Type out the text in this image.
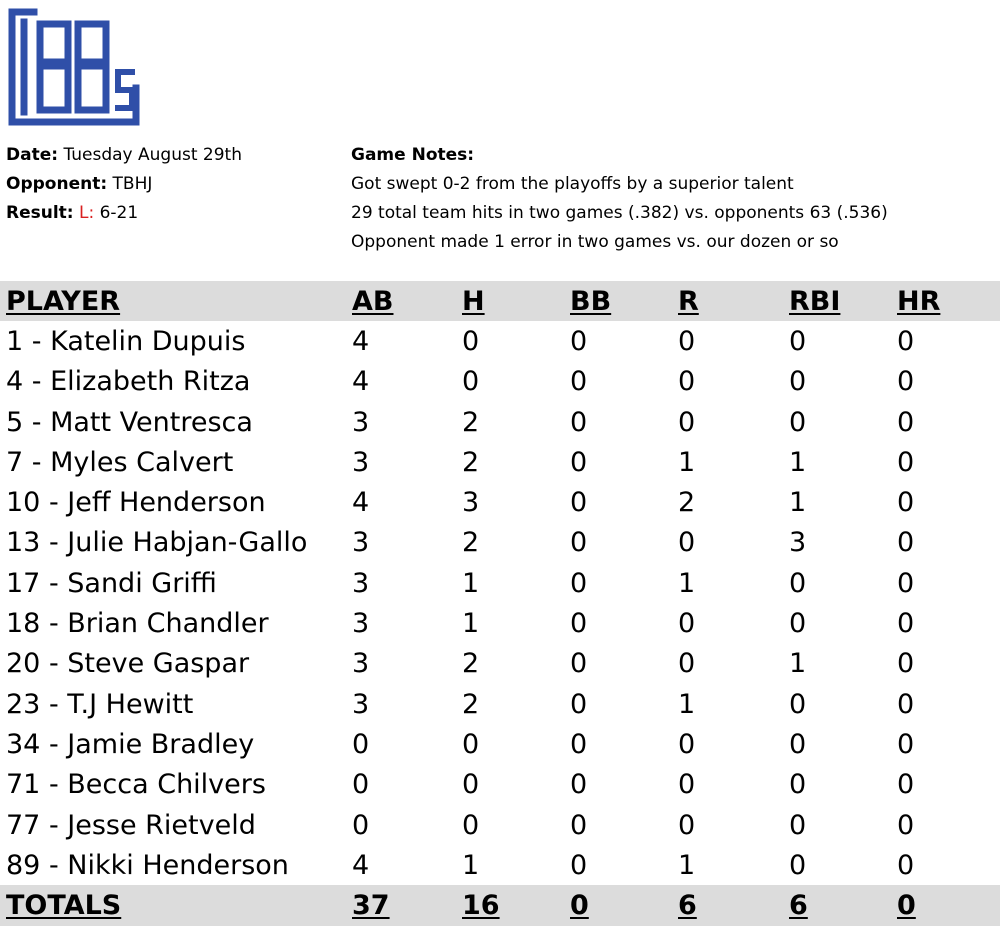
Date: Tuesday August 29th
Opponent: TBHJ
Result: L: 6-21
Game Notes:
Got swept 0-2 from the playoffs by a superior talent
29 total team hits in two games (.382) vs. opponents 63 (.536)
Opponent made 1 error in two games vs. our dozen or so
PLAYER	AB	H	BB	R	RBI	HR
1 - Katelin Dupuis	4	0	0	0	0	0
4 - Elizabeth Ritza	4	0	0	0	0	0
5 - Matt Ventresca	3	2	0	0	0	0
7 - Myles Calvert	3	2	0	1	1	0
10 - Jeff Henderson	4	3	0	2	1	0
13 - Julie Habjan-Gallo	3	2	0	0	3	0
17 - Sandi Griffi	3	1	0	1	0	0
18 - Brian Chandler	3	1	0	0	0	0
20 - Steve Gaspar	3	2	0	0	1	0
23 - T.J Hewitt	3	2	0	1	0	0
34 - Jamie Bradley	0	0	0	0	0	0
71 - Becca Chilvers	0	0	0	0	0	0
77 - Jesse Rietveld	0	0	0	0	0	0
89 - Nikki Henderson	4	1	0	1	0	0
TOTALS	37	16	0	6	6	0
